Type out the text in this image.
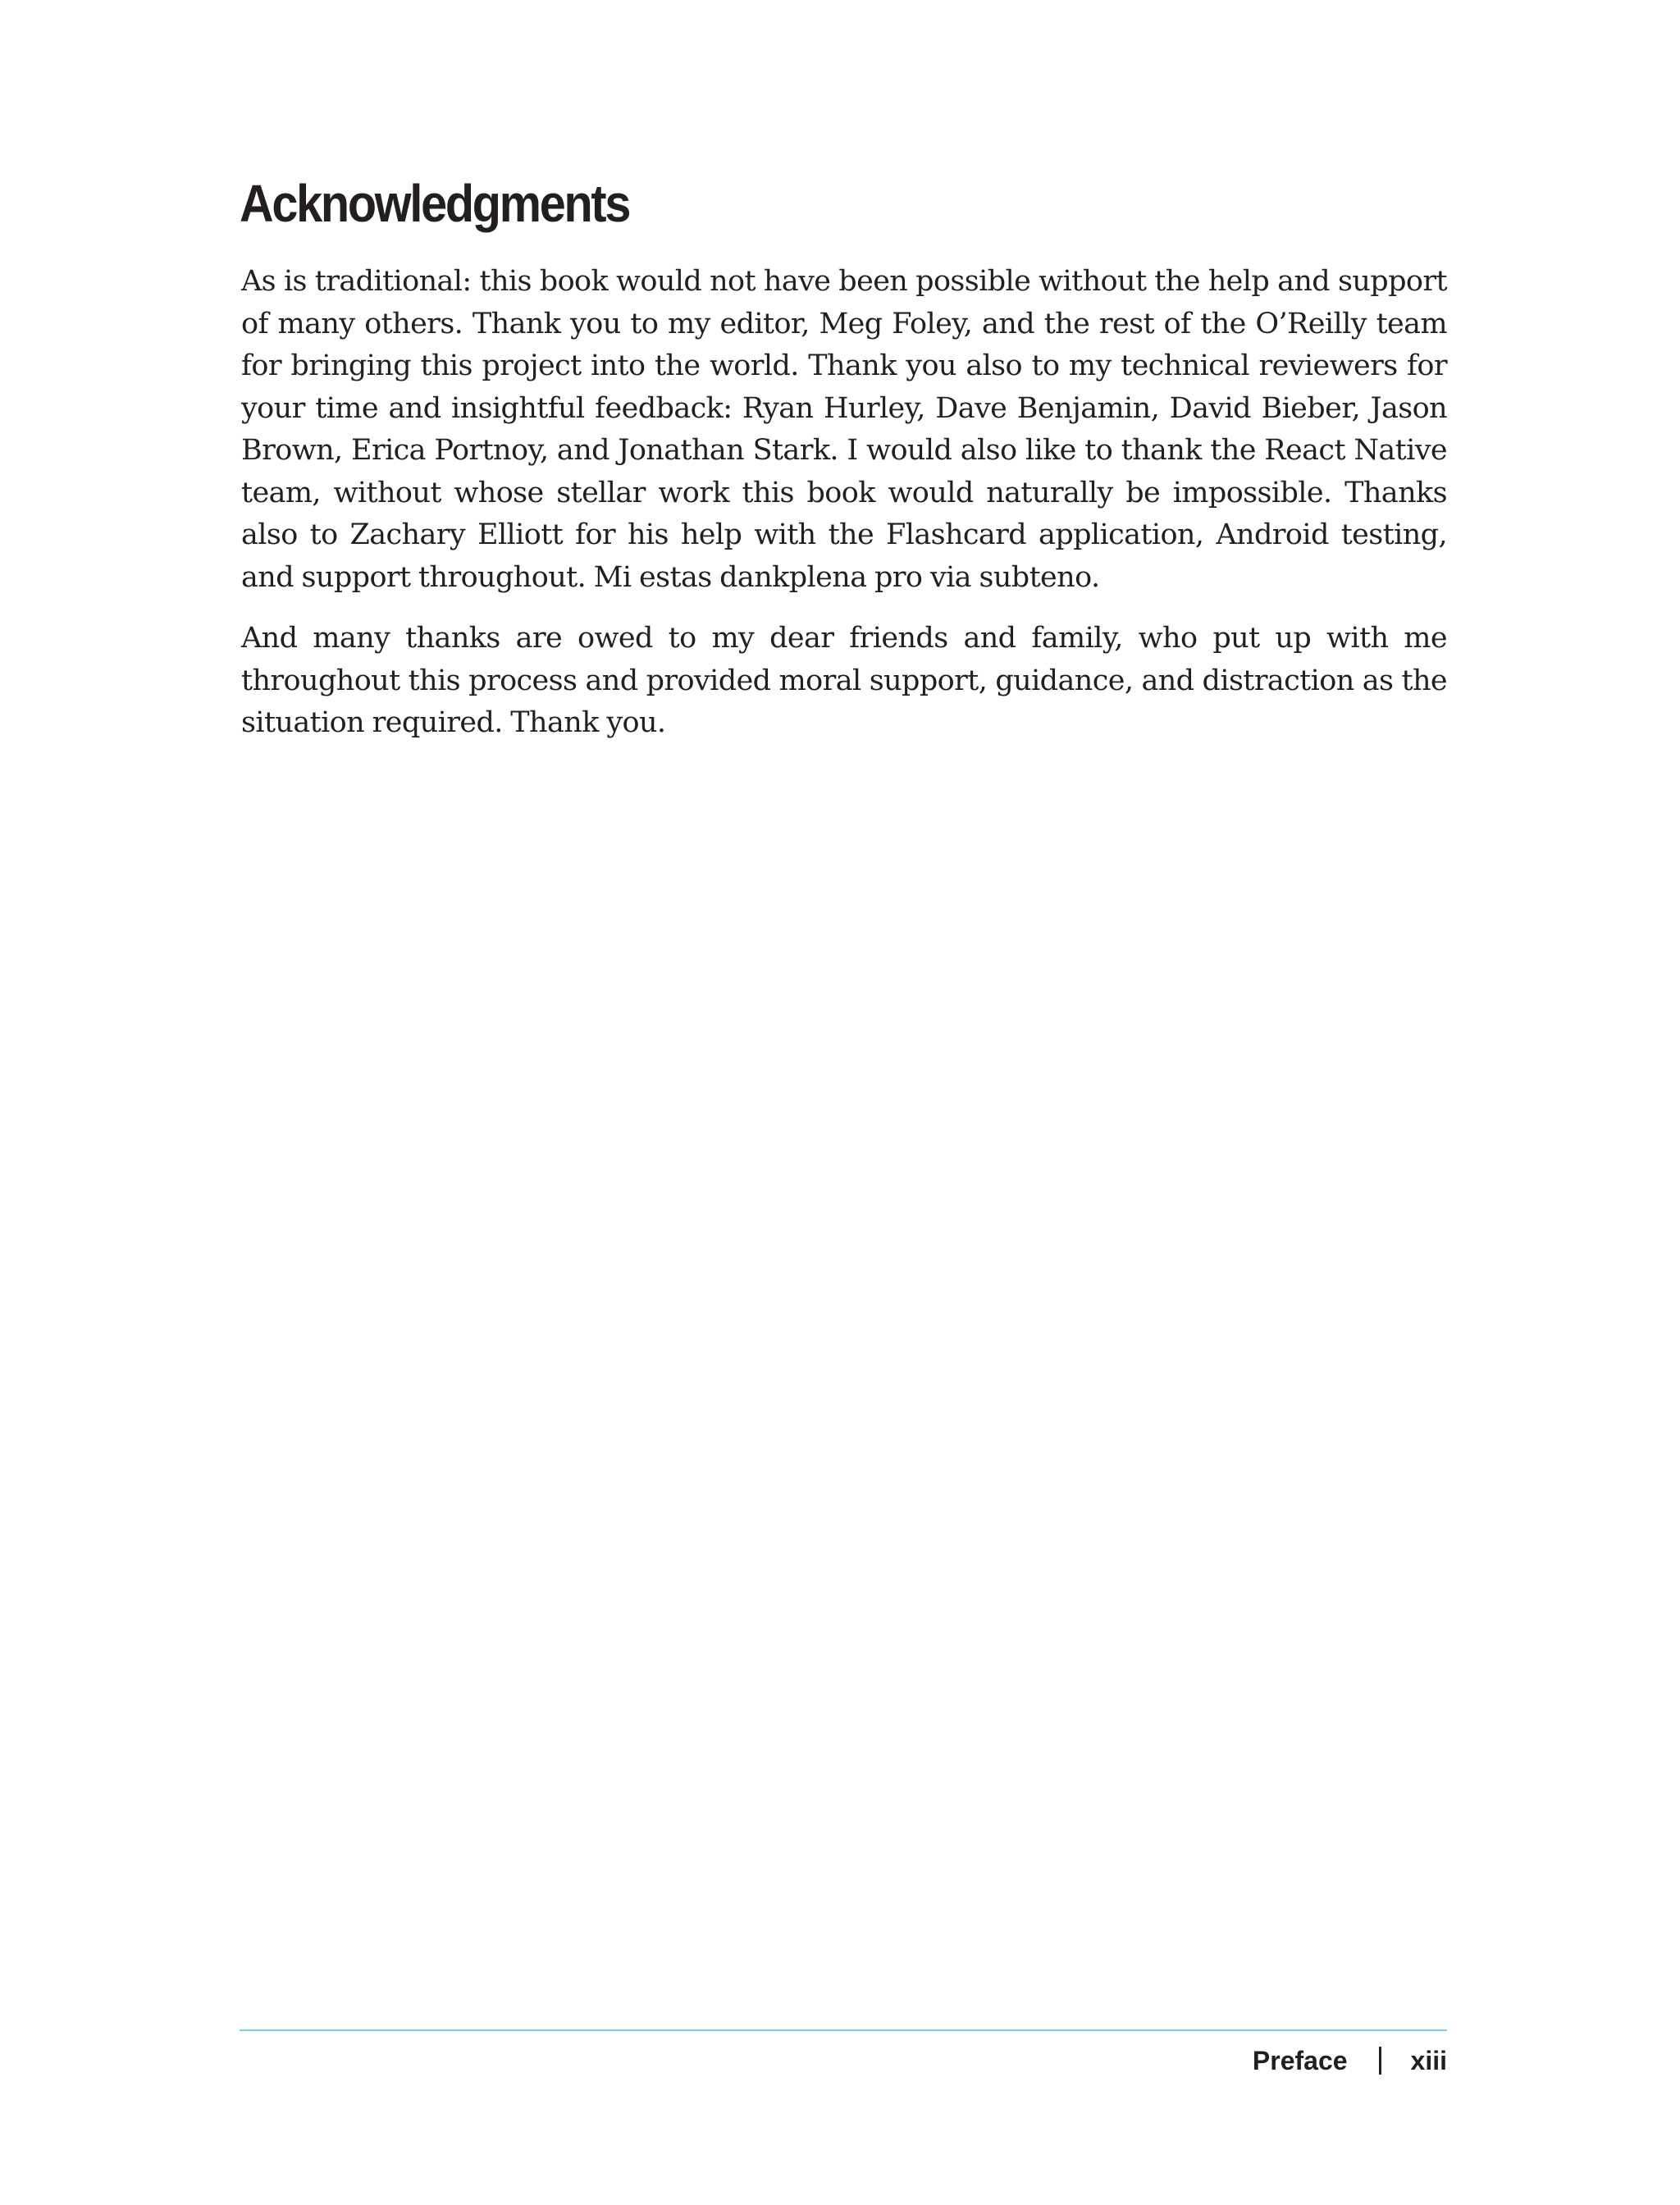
Acknowledgments

As is traditional: this book would not have been possible without the help and support of many others. Thank you to my editor, Meg Foley, and the rest of the O’Reilly team for bringing this project into the world. Thank you also to my technical reviewers for your time and insightful feedback: Ryan Hurley, Dave Benjamin, David Bieber, Jason Brown, Erica Portnoy, and Jonathan Stark. I would also like to thank the React Native team, without whose stellar work this book would naturally be impossible. Thanks also to Zachary Elliott for his help with the Flashcard application, Android testing, and support throughout. Mi estas dankplena pro via subteno.

And many thanks are owed to my dear friends and family, who put up with me throughout this process and provided moral support, guidance, and distraction as the situation required. Thank you.

Preface xiii
